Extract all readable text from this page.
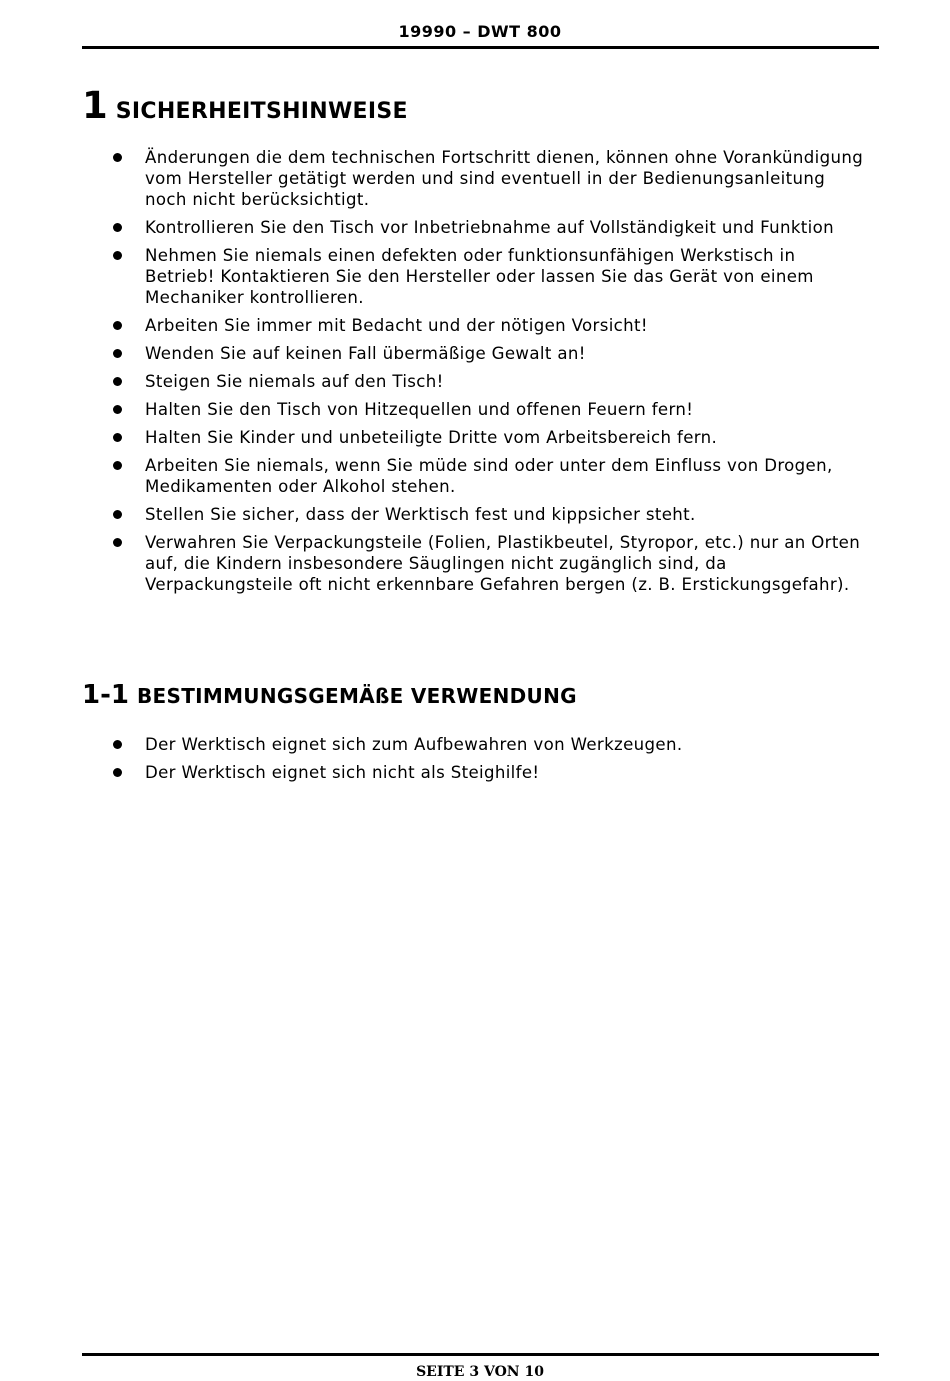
19990 – DWT 800
1 SICHERHEITSHINWEISE
Änderungen die dem technischen Fortschritt dienen, können ohne Vorankündigung vom Hersteller getätigt werden und sind eventuell in der Bedienungsanleitung noch nicht berücksichtigt.
Kontrollieren Sie den Tisch vor Inbetriebnahme auf Vollständigkeit und Funktion
Nehmen Sie niemals einen defekten oder funktionsunfähigen Werkstisch in Betrieb! Kontaktieren Sie den Hersteller oder lassen Sie das Gerät von einem Mechaniker kontrollieren.
Arbeiten Sie immer mit Bedacht und der nötigen Vorsicht!
Wenden Sie auf keinen Fall übermäßige Gewalt an!
Steigen Sie niemals auf den Tisch!
Halten Sie den Tisch von Hitzequellen und offenen Feuern fern!
Halten Sie Kinder und unbeteiligte Dritte vom Arbeitsbereich fern.
Arbeiten Sie niemals, wenn Sie müde sind oder unter dem Einfluss von Drogen, Medikamenten oder Alkohol stehen.
Stellen Sie sicher, dass der Werktisch fest und kippsicher steht.
Verwahren Sie Verpackungsteile (Folien, Plastikbeutel, Styropor, etc.) nur an Orten auf, die Kindern insbesondere Säuglingen nicht zugänglich sind, da Verpackungsteile oft nicht erkennbare Gefahren bergen (z. B. Erstickungsgefahr).
1-1 BESTIMMUNGSGEMÄßE VERWENDUNG
Der Werktisch eignet sich zum Aufbewahren von Werkzeugen.
Der Werktisch eignet sich nicht als Steighilfe!
SEITE 3 VON 10
